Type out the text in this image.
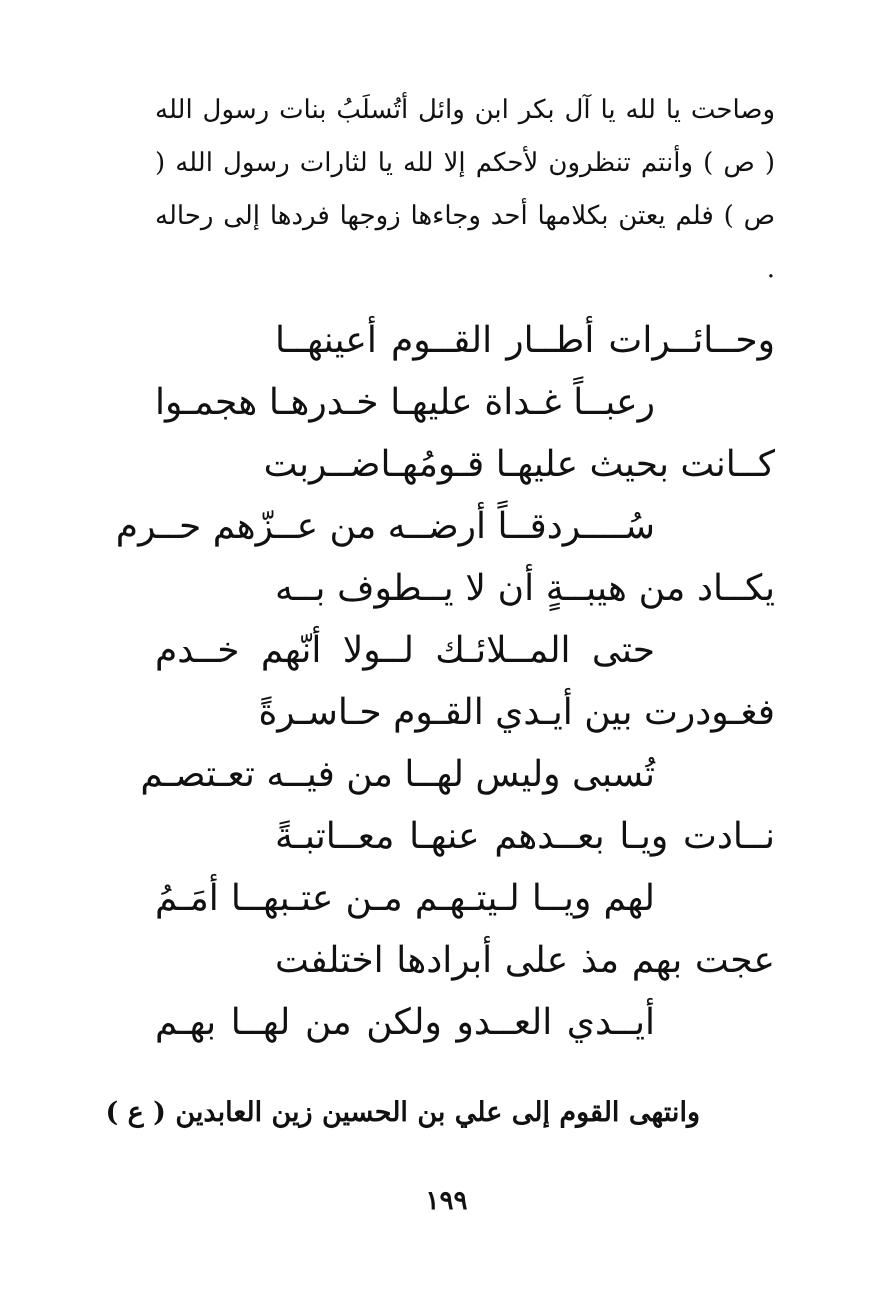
وصاحت يا لله يا آل بكر ابن وائل أتُسلَبُ بنات رسول الله ( ص ) وأنتم تنظرون لأحكم إلا لله يا لثارات رسول الله ( ص ) فلم يعتن بكلامها أحد وجاءها زوجها فردها إلى رحاله .

وحــائــرات أطــار القــوم أعينهــا
رعبــاً غـداة عليهـا خـدرهـا هجمـوا
كــانت بحيث عليهـا قـومُهـاضــربت
سُــــردقــاً أرضــه من عــزّهم حــرم
يكــاد من هيبــةٍ أن لا يــطوف بــه
حتى المــلائـك لــولا أنّهم خــدم
فغـودرت بين أيـدي القـوم حـاسـرةً
تُسبى وليس لهــا من فيــه تعـتصـم
نــادت ويـا بعــدهم عنهـا معــاتبـةً
لهم ويــا لـيتـهـم مـن عتـبهــا أمَـمُ
عجت بهم مذ على أبرادها اختلفت
أيــدي العــدو ولكن من لهــا بهـم
وانتهى القوم إلى علي بن الحسين زين العابدين ( ع )
١٩٩
